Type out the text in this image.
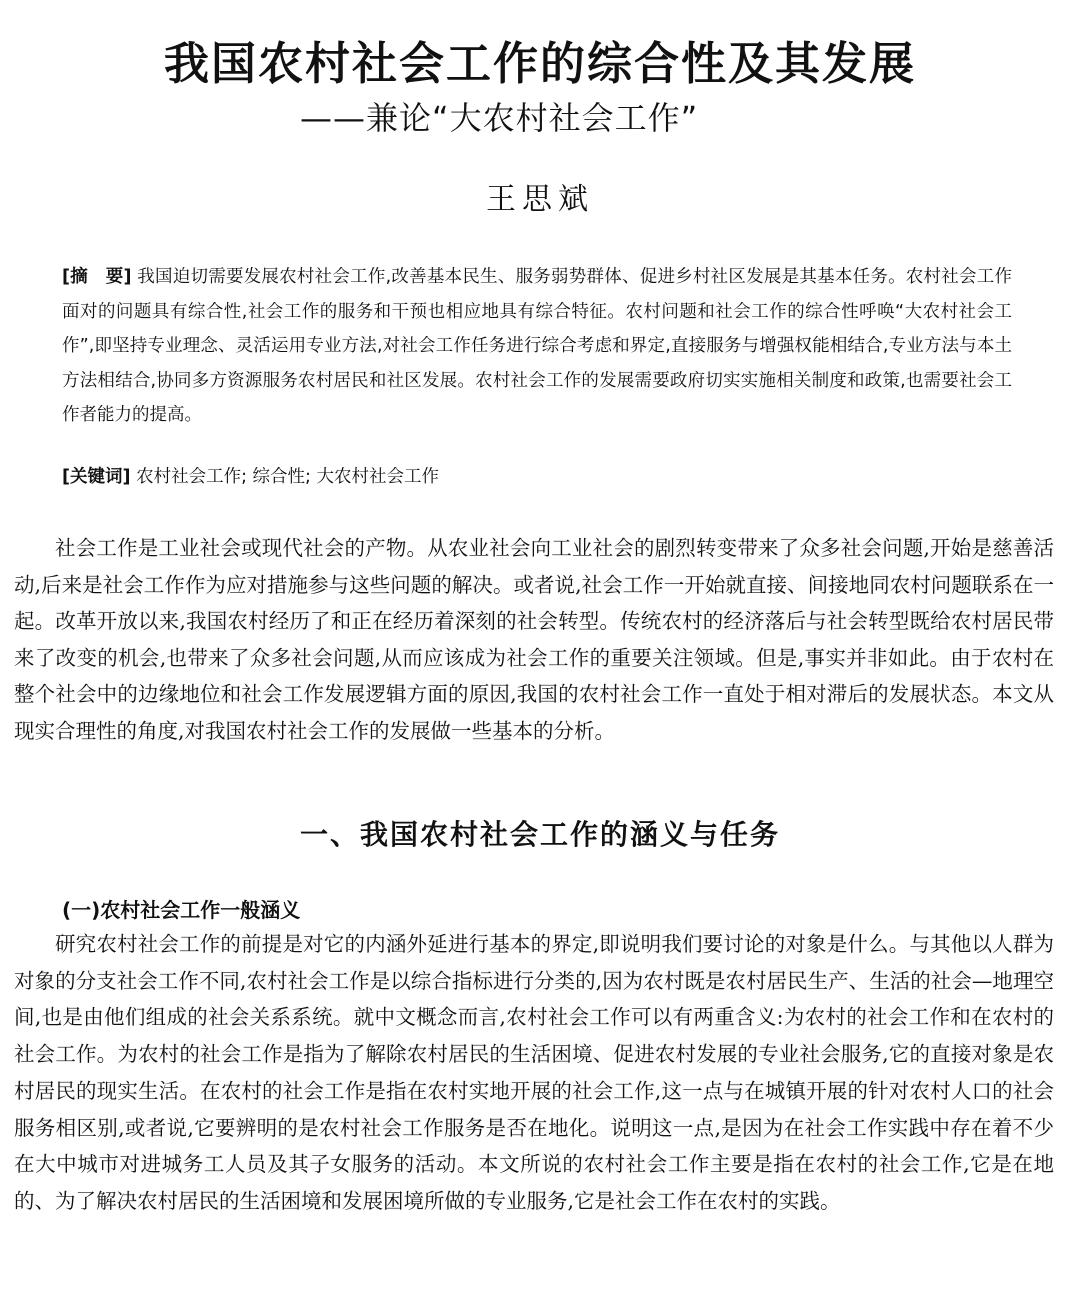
我国农村社会工作的综合性及其发展
——兼论“大农村社会工作”
王思斌
[摘　要] 我国迫切需要发展农村社会工作,改善基本民生、服务弱势群体、促进乡村社区发展是其基本任务。农村社会工作面对的问题具有综合性,社会工作的服务和干预也相应地具有综合特征。农村问题和社会工作的综合性呼唤“大农村社会工作”,即坚持专业理念、灵活运用专业方法,对社会工作任务进行综合考虑和界定,直接服务与增强权能相结合,专业方法与本土方法相结合,协同多方资源服务农村居民和社区发展。农村社会工作的发展需要政府切实实施相关制度和政策,也需要社会工作者能力的提高。
[关键词] 农村社会工作; 综合性; 大农村社会工作
社会工作是工业社会或现代社会的产物。从农业社会向工业社会的剧烈转变带来了众多社会问题,开始是慈善活动,后来是社会工作作为应对措施参与这些问题的解决。或者说,社会工作一开始就直接、间接地同农村问题联系在一起。改革开放以来,我国农村经历了和正在经历着深刻的社会转型。传统农村的经济落后与社会转型既给农村居民带来了改变的机会,也带来了众多社会问题,从而应该成为社会工作的重要关注领域。但是,事实并非如此。由于农村在整个社会中的边缘地位和社会工作发展逻辑方面的原因,我国的农村社会工作一直处于相对滞后的发展状态。本文从现实合理性的角度,对我国农村社会工作的发展做一些基本的分析。
一、我国农村社会工作的涵义与任务
(一)农村社会工作一般涵义
研究农村社会工作的前提是对它的内涵外延进行基本的界定,即说明我们要讨论的对象是什么。与其他以人群为对象的分支社会工作不同,农村社会工作是以综合指标进行分类的,因为农村既是农村居民生产、生活的社会—地理空间,也是由他们组成的社会关系系统。就中文概念而言,农村社会工作可以有两重含义:为农村的社会工作和在农村的社会工作。为农村的社会工作是指为了解除农村居民的生活困境、促进农村发展的专业社会服务,它的直接对象是农村居民的现实生活。在农村的社会工作是指在农村实地开展的社会工作,这一点与在城镇开展的针对农村人口的社会服务相区别,或者说,它要辨明的是农村社会工作服务是否在地化。说明这一点,是因为在社会工作实践中存在着不少在大中城市对进城务工人员及其子女服务的活动。本文所说的农村社会工作主要是指在农村的社会工作,它是在地的、为了解决农村居民的生活困境和发展困境所做的专业服务,它是社会工作在农村的实践。
